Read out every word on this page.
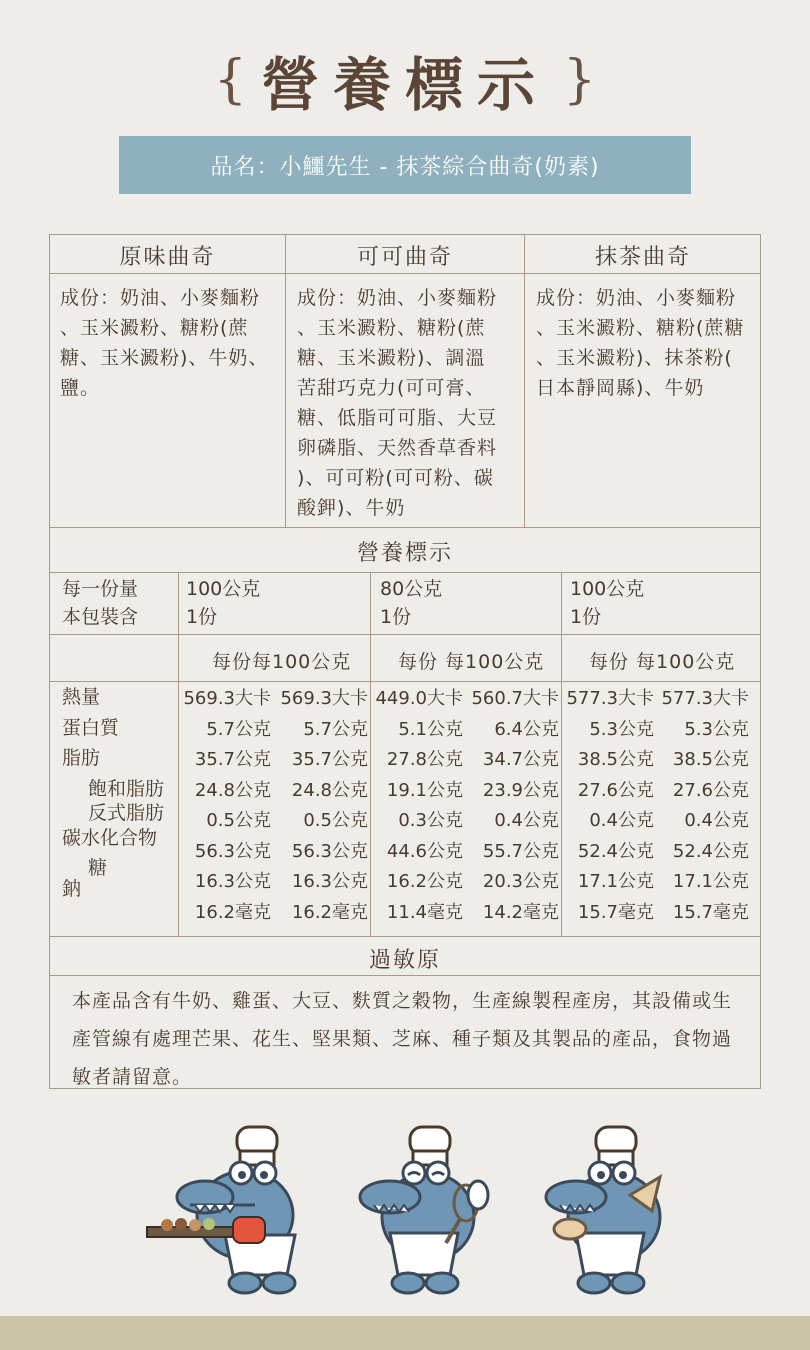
{ 營養標示 }
品名：小鱷先生 - 抹茶綜合曲奇(奶素)
原味曲奇	可可曲奇	抹茶曲奇
成份：奶油、小麥麵粉
、玉米澱粉、糖粉(蔗
糖、玉米澱粉)、牛奶、
鹽。
成份：奶油、小麥麵粉
、玉米澱粉、糖粉(蔗
糖、玉米澱粉)、調溫
苦甜巧克力(可可膏、
糖、低脂可可脂、大豆
卵磷脂、天然香草香料
)、可可粉(可可粉、碳
酸鉀)、牛奶
成份：奶油、小麥麵粉
、玉米澱粉、糖粉(蔗糖
、玉米澱粉)、抹茶粉(
日本靜岡縣)、牛奶
營養標示
每一份量
本包裝含
100公克
1份
80公克
1份
100公克
1份
每份每100公克 每份 每100公克 每份 每100公克
熱量
蛋白質
脂肪
飽和脂肪
反式脂肪
碳水化合物
糖
鈉
569.3大卡
5.7公克
35.7公克
24.8公克
0.5公克
56.3公克
16.3公克
16.2毫克
569.3大卡
5.7公克
35.7公克
24.8公克
0.5公克
56.3公克
16.3公克
16.2毫克
449.0大卡
5.1公克
27.8公克
19.1公克
0.3公克
44.6公克
16.2公克
11.4毫克
560.7大卡
6.4公克
34.7公克
23.9公克
0.4公克
55.7公克
20.3公克
14.2毫克
577.3大卡
5.3公克
38.5公克
27.6公克
0.4公克
52.4公克
17.1公克
15.7毫克
577.3大卡
5.3公克
38.5公克
27.6公克
0.4公克
52.4公克
17.1公克
15.7毫克
過敏原
本產品含有牛奶、雞蛋、大豆、麩質之穀物，生產線製程產房，其設備或生產管線有處理芒果、花生、堅果類、芝麻、種子類及其製品的產品，食物過敏者請留意。
